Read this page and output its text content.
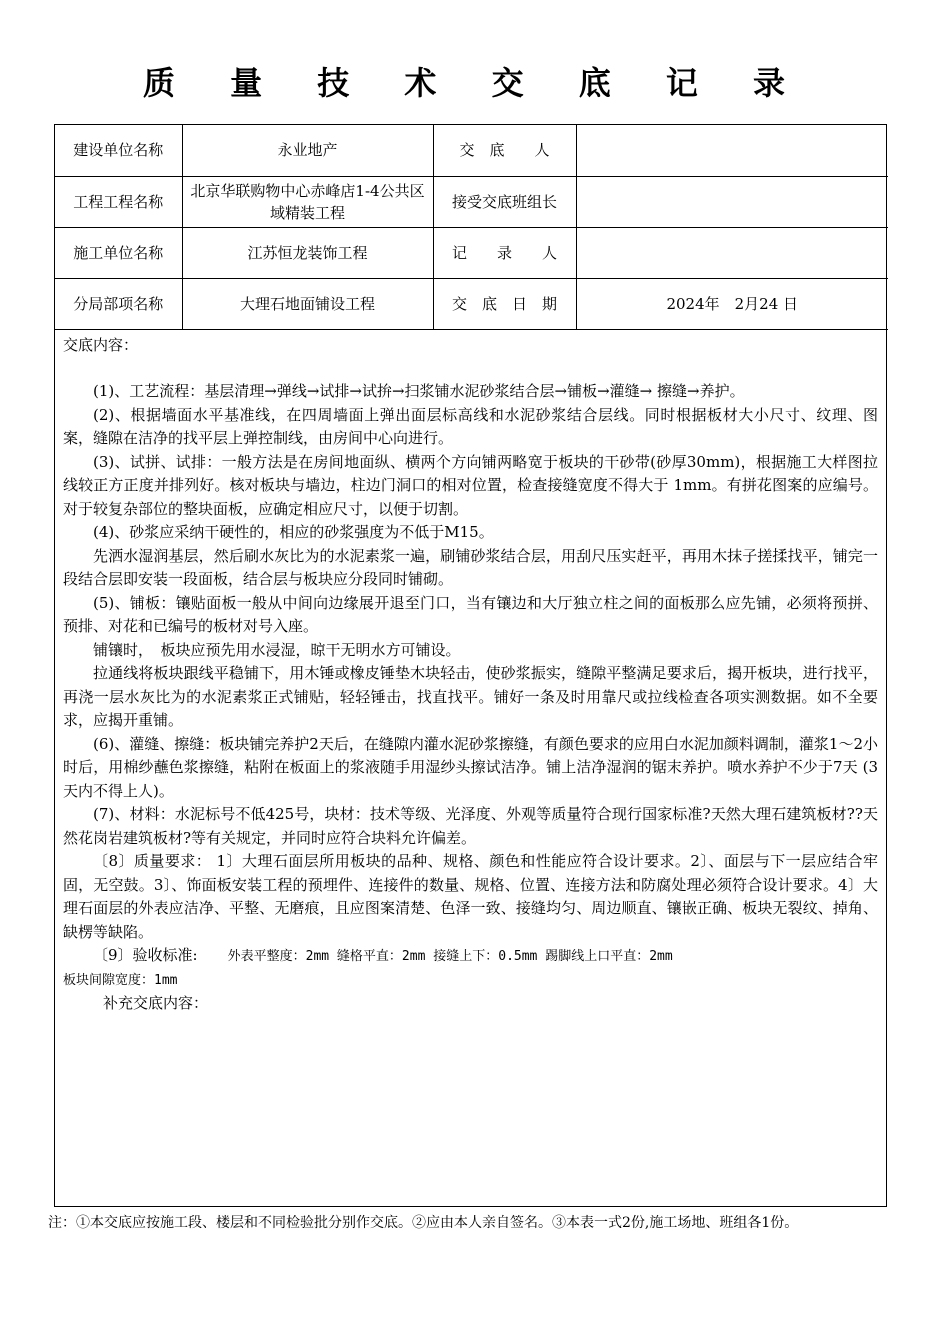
质 量 技 术 交 底 记 录
建设单位名称	永业地产	交　底　　人	
工程工程名称	北京华联购物中心赤峰店1-4公共区域精装工程	接受交底班组长	
施工单位名称	江苏恒龙装饰工程	记　　录　　人	
分局部项名称	大理石地面铺设工程	交　底　日　期	2024年　2月24 日
交底内容：

(1)、工艺流程：基层清理→弹线→试排→试拚→扫浆铺水泥砂浆结合层→铺板→灌缝→ 擦缝→养护。

(2)、根据墙面水平基准线，在四周墙面上弹出面层标高线和水泥砂浆结合层线。同时根据板材大小尺寸、纹理、图案，缝隙在洁净的找平层上弹控制线，由房间中心向进行。

(3)、试拼、试排：一般方法是在房间地面纵、横两个方向铺两略宽于板块的干砂带(砂厚30mm)，根据施工大样图拉线较正方正度并排列好。核对板块与墙边，柱边门洞口的相对位置，检查接缝宽度不得大于 1mm。有拼花图案的应编号。对于较复杂部位的整块面板，应确定相应尺寸，以便于切割。

(4)、砂浆应采纳干硬性的，相应的砂浆强度为不低于M15。

先洒水湿润基层，然后刷水灰比为的水泥素浆一遍，刷铺砂浆结合层，用刮尺压实赶平，再用木抹子搓揉找平，铺完一段结合层即安装一段面板，结合层与板块应分段同时铺砌。

(5)、铺板：镶贴面板一般从中间向边缘展开退至门口，当有镶边和大厅独立柱之间的面板那么应先铺，必须将预拼、预排、对花和已编号的板材对号入座。

铺镶时，　板块应预先用水浸湿，晾干无明水方可铺设。

拉通线将板块跟线平稳铺下，用木锤或橡皮锤垫木块轻击，使砂浆振实，缝隙平整满足要求后，揭开板块，进行找平，再浇一层水灰比为的水泥素浆正式铺贴，轻轻锤击，找直找平。铺好一条及时用靠尺或拉线检查各项实测数据。如不全要求，应揭开重铺。

(6)、灌缝、擦缝：板块铺完养护2天后，在缝隙内灌水泥砂浆擦缝，有颜色要求的应用白水泥加颜料调制，灌浆1～2小时后，用棉纱蘸色浆擦缝，粘附在板面上的浆液随手用湿纱头擦试洁净。铺上洁净湿润的锯末养护。喷水养护不少于7天 (3天内不得上人)。

(7)、材料：水泥标号不低425号，块材：技术等级、光泽度、外观等质量符合现行国家标准?天然大理石建筑板材??天然花岗岩建筑板材?等有关规定，并同时应符合块料允许偏差。

〔8〕质量要求： 1〕大理石面层所用板块的品种、规格、颜色和性能应符合设计要求。2〕、面层与下一层应结合牢固，无空鼓。3〕、饰面板安装工程的预埋件、连接件的数量、规格、位置、连接方法和防腐处理必须符合设计要求。4〕大理石面层的外表应洁净、平整、无磨痕，且应图案清楚、色泽一致、接缝均匀、周边顺直、镶嵌正确、板块无裂纹、掉角、缺楞等缺陷。

〔9〕验收标准:　　 外表平整度：2mm 缝格平直：2mm 接缝上下：0.5mm 踢脚线上口平直：2mm

板块间隙宽度：1mm

补充交底内容：

注：①本交底应按施工段、楼层和不同检验批分别作交底。②应由本人亲自签名。③本表一式2份,施工场地、班组各1份。
